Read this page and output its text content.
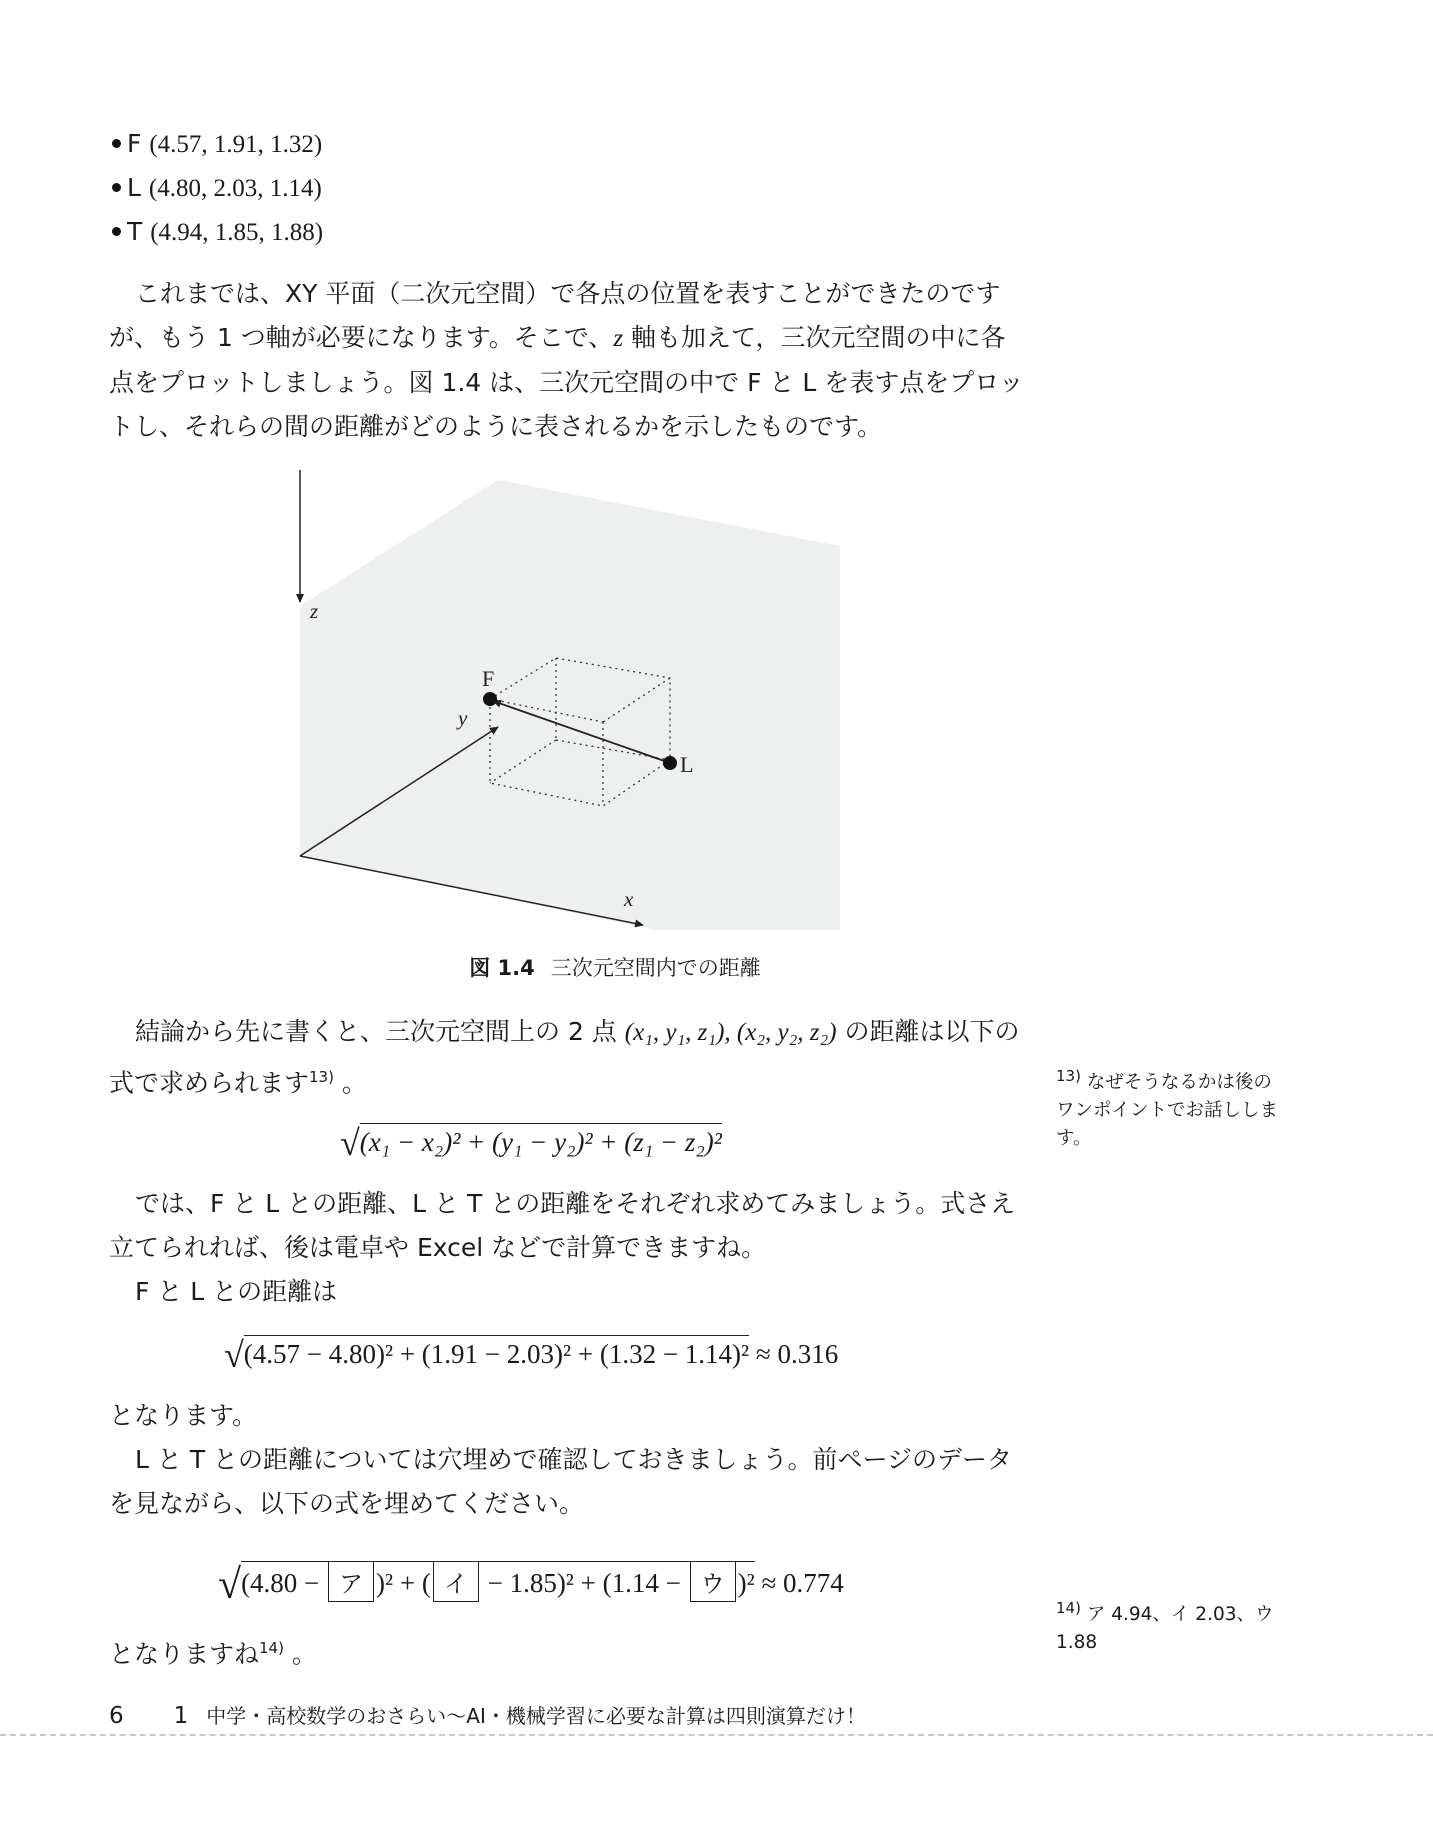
F (4.57, 1.91, 1.32)
L (4.80, 2.03, 1.14)
T (4.94, 1.85, 1.88)

これまでは、XY 平面（二次元空間）で各点の位置を表すことができたのですが、もう 1 つ軸が必要になります。そこで、z 軸も加えて，三次元空間の中に各点をプロットしましょう。図 1.4 は、三次元空間の中で F と L を表す点をプロットし、それらの間の距離がどのように表されるかを示したものです。

z
y
x
F
L
図 1.4 三次元空間内での距離

結論から先に書くと、三次元空間上の 2 点 (x₁, y₁, z₁), (x₂, y₂, z₂) の距離は以下の式で求められます$^{13)}$ 。

√(x₁ − x₂)² + (y₁ − y₂)² + (z₁ − z₂)²

では、F と L との距離、L と T との距離をそれぞれ求めてみましょう。式さえ立てられれば、後は電卓や Excel などで計算できますね。

F と L との距離は

√(4.57 − 4.80)² + (1.91 − 2.03)² + (1.32 − 1.14)² ≈ 0.316

となります。

L と T との距離については穴埋めで確認しておきましょう。前ページのデータを見ながら、以下の式を埋めてください。

√(4.80 − ア )² + ( イ − 1.85)² + (1.14 − ウ )² ≈ 0.774

となりますね$^{14)}$ 。

$^{13)}$ なぜそうなるかは後のワンポイントでお話しします。
$^{14)}$ ア 4.94、イ 2.03、ウ 1.88
6 1 中学・高校数学のおさらい〜AI・機械学習に必要な計算は四則演算だけ！
